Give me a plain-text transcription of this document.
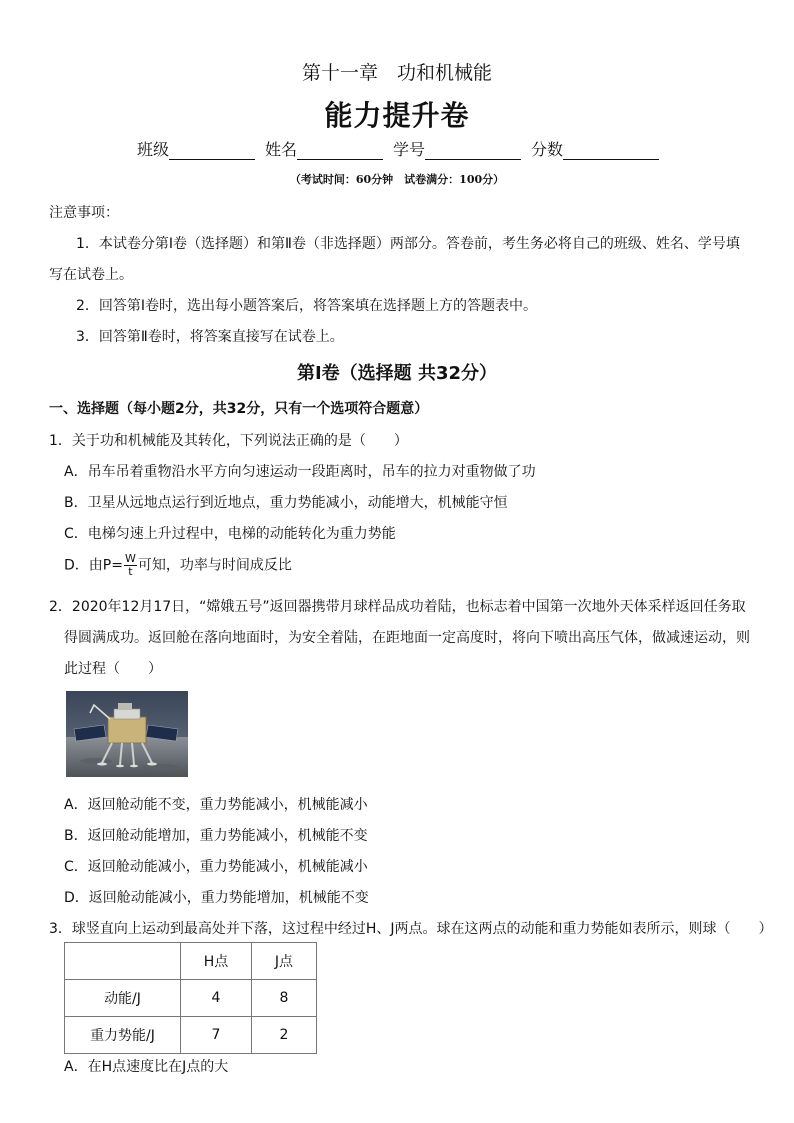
第十一章　功和机械能
能力提升卷
班级	姓名	学号	分数
（考试时间：60分钟　试卷满分：100分）
注意事项：
1．本试卷分第Ⅰ卷（选择题）和第Ⅱ卷（非选择题）两部分。答卷前，考生务必将自己的班级、姓名、学号填
写在试卷上。
2．回答第Ⅰ卷时，选出每小题答案后，将答案填在选择题上方的答题表中。
3．回答第Ⅱ卷时，将答案直接写在试卷上。
第Ⅰ卷（选择题 共32分）
一、选择题（每小题2分，共32分，只有一个选项符合题意）
1．关于功和机械能及其转化，下列说法正确的是（　　）
A．吊车吊着重物沿水平方向匀速运动一段距离时，吊车的拉力对重物做了功
B．卫星从远地点运行到近地点，重力势能减小，动能增大，机械能守恒
C．电梯匀速上升过程中，电梯的动能转化为重力势能
D．由$P= \frac{W}{t}$ 可知，功率与时间成反比
2．2020年12月17日，“嫦娥五号”返回器携带月球样品成功着陆，也标志着中国第一次地外天体采样返回任务取
得圆满成功。返回舱在落向地面时，为安全着陆，在距地面一定高度时，将向下喷出高压气体，做减速运动，则
此过程（　　）
A．返回舱动能不变，重力势能减小，机械能减小
B．返回舱动能增加，重力势能减小，机械能不变
C．返回舱动能减小，重力势能减小，机械能减小
D．返回舱动能减小，重力势能增加，机械能不变
3．球竖直向上运动到最高处并下落，这过程中经过H、J两点。球在这两点的动能和重力势能如表所示，则球（　　）
	H点	J点
动能/J	4	8
重力势能/J	7	2
A．在H点速度比在J点的大
